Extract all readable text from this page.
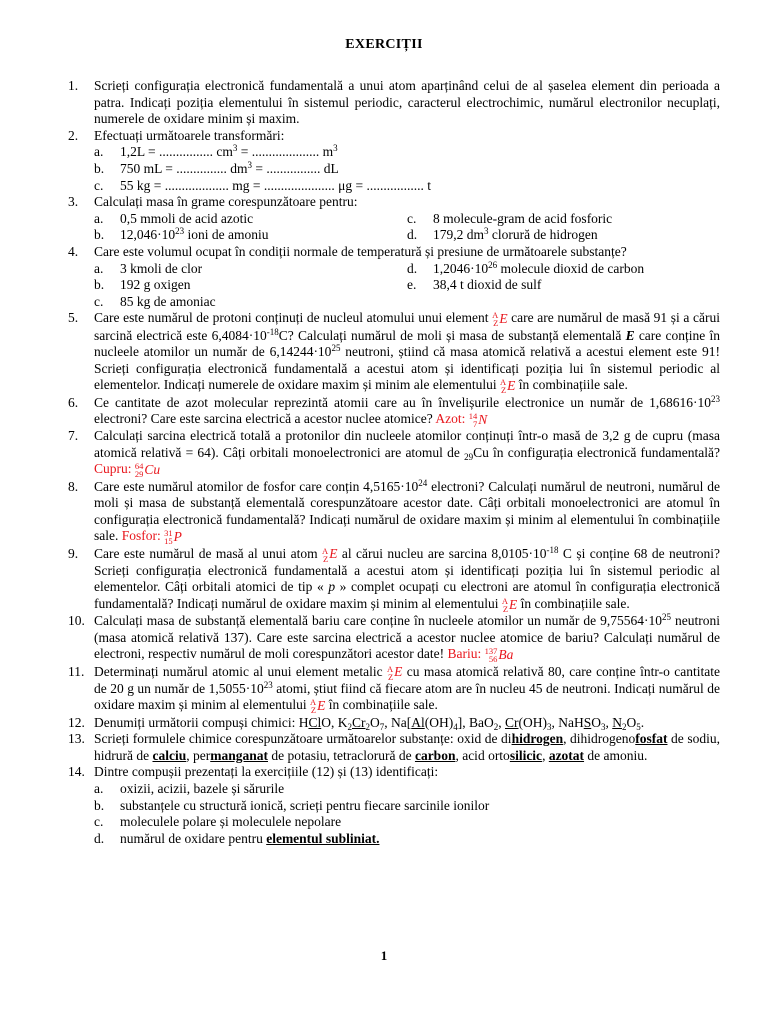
EXERCIȚII
1. Scrieți configurația electronică fundamentală a unui atom aparținând celui de al șaselea element din perioada a patra. Indicați poziția elementului în sistemul periodic, caracterul electrochimic, numărul electronilor necuplați, numerele de oxidare minim și maxim.
2. Efectuați următoarele transformări:
a.	1,2L = ................ $cm^3$ = .................... $m^3$
b.	750 mL = ............... $dm^3$ = ................ dL
c.	55 kg = ................... mg = ..................... μg = ................. t
3. Calculați masa în grame corespunzătoare pentru:
a.	0,5 mmoli de acid azotic	c.	8 molecule-gram de acid fosforic
b.	$12,046\cdot 10^{23}$ ioni de amoniu	d.	179,2 $dm^3$ clorură de hidrogen
4. Care este volumul ocupat în condiții normale de temperatură și presiune de următoarele substanțe?
a.	3 kmoli de clor	d.	$1,2046\cdot 10^{26}$ molecule dioxid de carbon
b.	192 g oxigen	e.	38,4 t dioxid de sulf
c.	85 kg de amoniac
5. Care este numărul de protoni conținuți de nucleul atomului unui element A
Z E care are numărul de masă 91 și a cărui sarcină electrică este $6,4084\cdot 10^{-18}C$? Calculați numărul de moli și masa de substanță elementală E care conține în nucleele atomilor un număr de $6,14244\cdot 10^{25}$ neutroni, știind că masa atomică relativă a acestui element este 91! Scrieți configurația electronică fundamentală a acestui atom și identificați poziția lui în sistemul periodic al elementelor. Indicați numerele de oxidare maxim și minim ale elementului A
Z E în combinațiile sale.
6. Ce cantitate de azot molecular reprezintă atomii care au în învelișurile electronice un număr de $1,68616\cdot 10^{23}$ electroni? Care este sarcina electrică a acestor nuclee atomice? Azot: 14
7 N
7. Calculați sarcina electrică totală a protonilor din nucleele atomilor conținuți într-o masă de 3,2 g de cupru (masa atomică relativă = 64). Câți orbitali monoelectronici are atomul de $_{29}$Cu în configurația electronică fundamentală? Cupru: 64
29 Cu
8. Care este numărul atomilor de fosfor care conțin $4,5165\cdot 10^{24}$ electroni? Calculați numărul de neutroni, numărul de moli și masa de substanță elementală corespunzătoare acestor date. Câți orbitali monoelectronici are atomul în configurația electronică fundamentală? Indicați numărul de oxidare maxim și minim al elementului în combinațiile sale. Fosfor: 31
15 P
9. Care este numărul de masă al unui atom A
Z E al cărui nucleu are sarcina $8,0105\cdot 10^{-18}$ C și conține 68 de neutroni? Scrieți configurația electronică fundamentală a acestui atom și identificați poziția lui în sistemul periodic al elementelor. Câți orbitali atomici de tip « p » complet ocupați cu electroni are atomul în configurația electronică fundamentală? Indicați numărul de oxidare maxim și minim al elementului A
Z E în combinațiile sale.
10. Calculați masa de substanță elementală bariu care conține în nucleele atomilor un număr de $9,75564\cdot 10^{25}$ neutroni (masa atomică relativă 137). Care este sarcina electrică a acestor nuclee atomice de bariu? Calculați numărul de electroni, respectiv numărul de moli corespunzători acestor date! Bariu: 137
56 Ba
11. Determinați numărul atomic al unui element metalic A
Z E cu masa atomică relativă 80, care conține într-o cantitate de 20 g un număr de $1,5055\cdot 10^{23}$ atomi, știut fiind că fiecare atom are în nucleu 45 de neutroni. Indicați numărul de oxidare maxim și minim al elementului A
Z E în combinațiile sale.
12. Denumiți următorii compuși chimici: HClO, $K_2Cr_2O_7$, $Na[Al(OH)_4]$, BaO$_2$, $Cr(OH)_3$, NaHSO$_3$, $N_2O_5$.
13. Scrieți formulele chimice corespunzătoare următoarelor substanțe: oxid de dihidrogen, dihidrogenofosfat de sodiu, hidrură de calciu, permanganat de potasiu, tetraclorură de carbon, acid ortosilicic, azotat de amoniu.
14. Dintre compușii prezentați la exercițiile (12) și (13) identificați:
a.	oxizii, acizii, bazele și sărurile
b.	substanțele cu structură ionică, scrieți pentru fiecare sarcinile ionilor
c.	moleculele polare și moleculele nepolare
d.	numărul de oxidare pentru elementul subliniat.
1
